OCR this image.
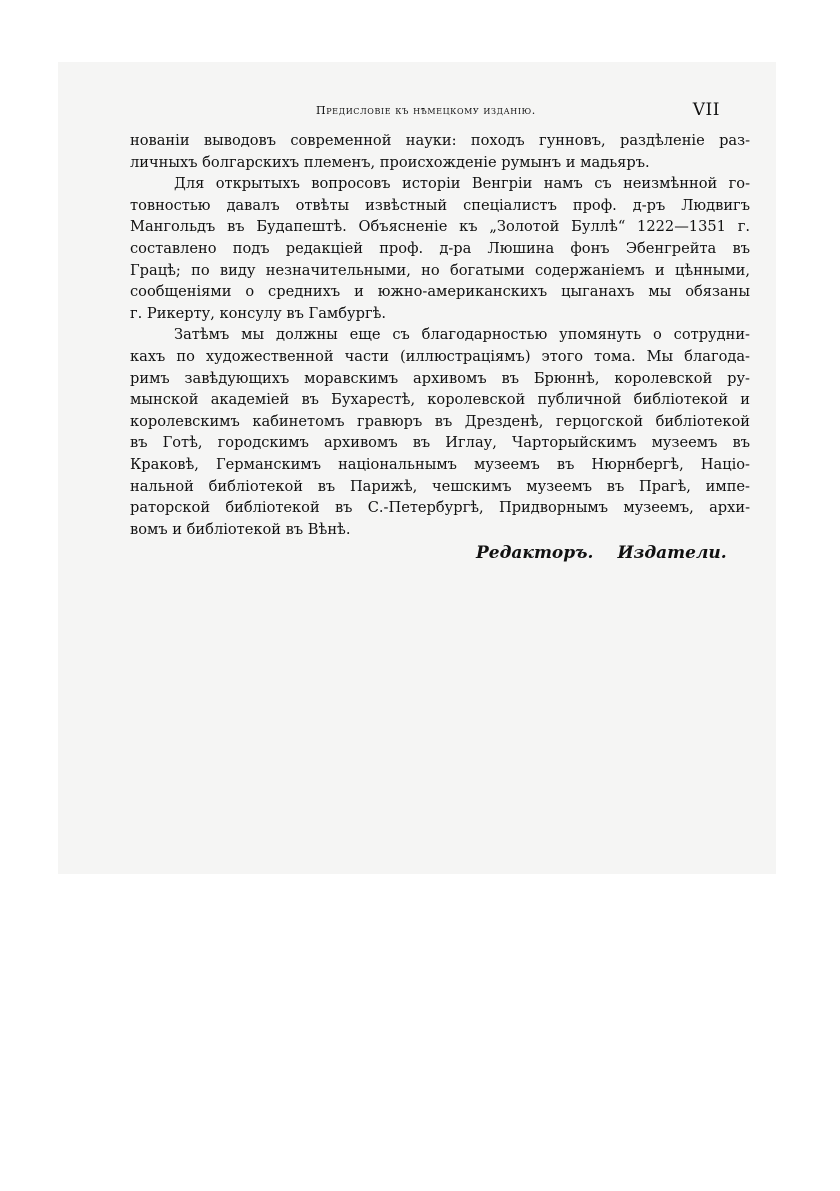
Предисловіе къ нѣмецкому изданію.	VII
нованіи выводовъ современной науки: походъ гунновъ, раздѣленіе раз-
личныхъ болгарскихъ племенъ, происхожденіе румынъ и мадьяръ.
Для открытыхъ вопросовъ исторіи Венгріи намъ съ неизмѣнной го-
товностью давалъ отвѣты извѣстный спеціалистъ проф. д-ръ Людвигъ
Мангольдъ въ Будапештѣ. Объясненіе къ „Золотой Буллѣ“ 1222—1351 г.
составлено подъ редакціей проф. д-ра Люшина фонъ Эбенгрейта въ
Грацѣ; по виду незначительными, но богатыми содержаніемъ и цѣнными,
сообщеніями о среднихъ и южно-американскихъ цыганахъ мы обязаны
г. Рикерту, консулу въ Гамбургѣ.
Затѣмъ мы должны еще съ благодарностью упомянуть о сотрудни-
кахъ по художественной части (иллюстраціямъ) этого тома. Мы благода-
римъ завѣдующихъ моравскимъ архивомъ въ Брюннѣ, королевской ру-
мынской академіей въ Бухарестѣ, королевской публичной библіотекой и
королевскимъ кабинетомъ гравюръ въ Дрезденѣ, герцогской библіотекой
въ Готѣ, городскимъ архивомъ въ Иглау, Чарторыйскимъ музеемъ въ
Краковѣ, Германскимъ національнымъ музеемъ въ Нюрнбергѣ, Націо-
нальной библіотекой въ Парижѣ, чешскимъ музеемъ въ Прагѣ, импе-
раторской библіотекой въ С.-Петербургѣ, Придворнымъ музеемъ, архи-
вомъ и библіотекой въ Вѣнѣ.
Редакторъ. Издатели.
